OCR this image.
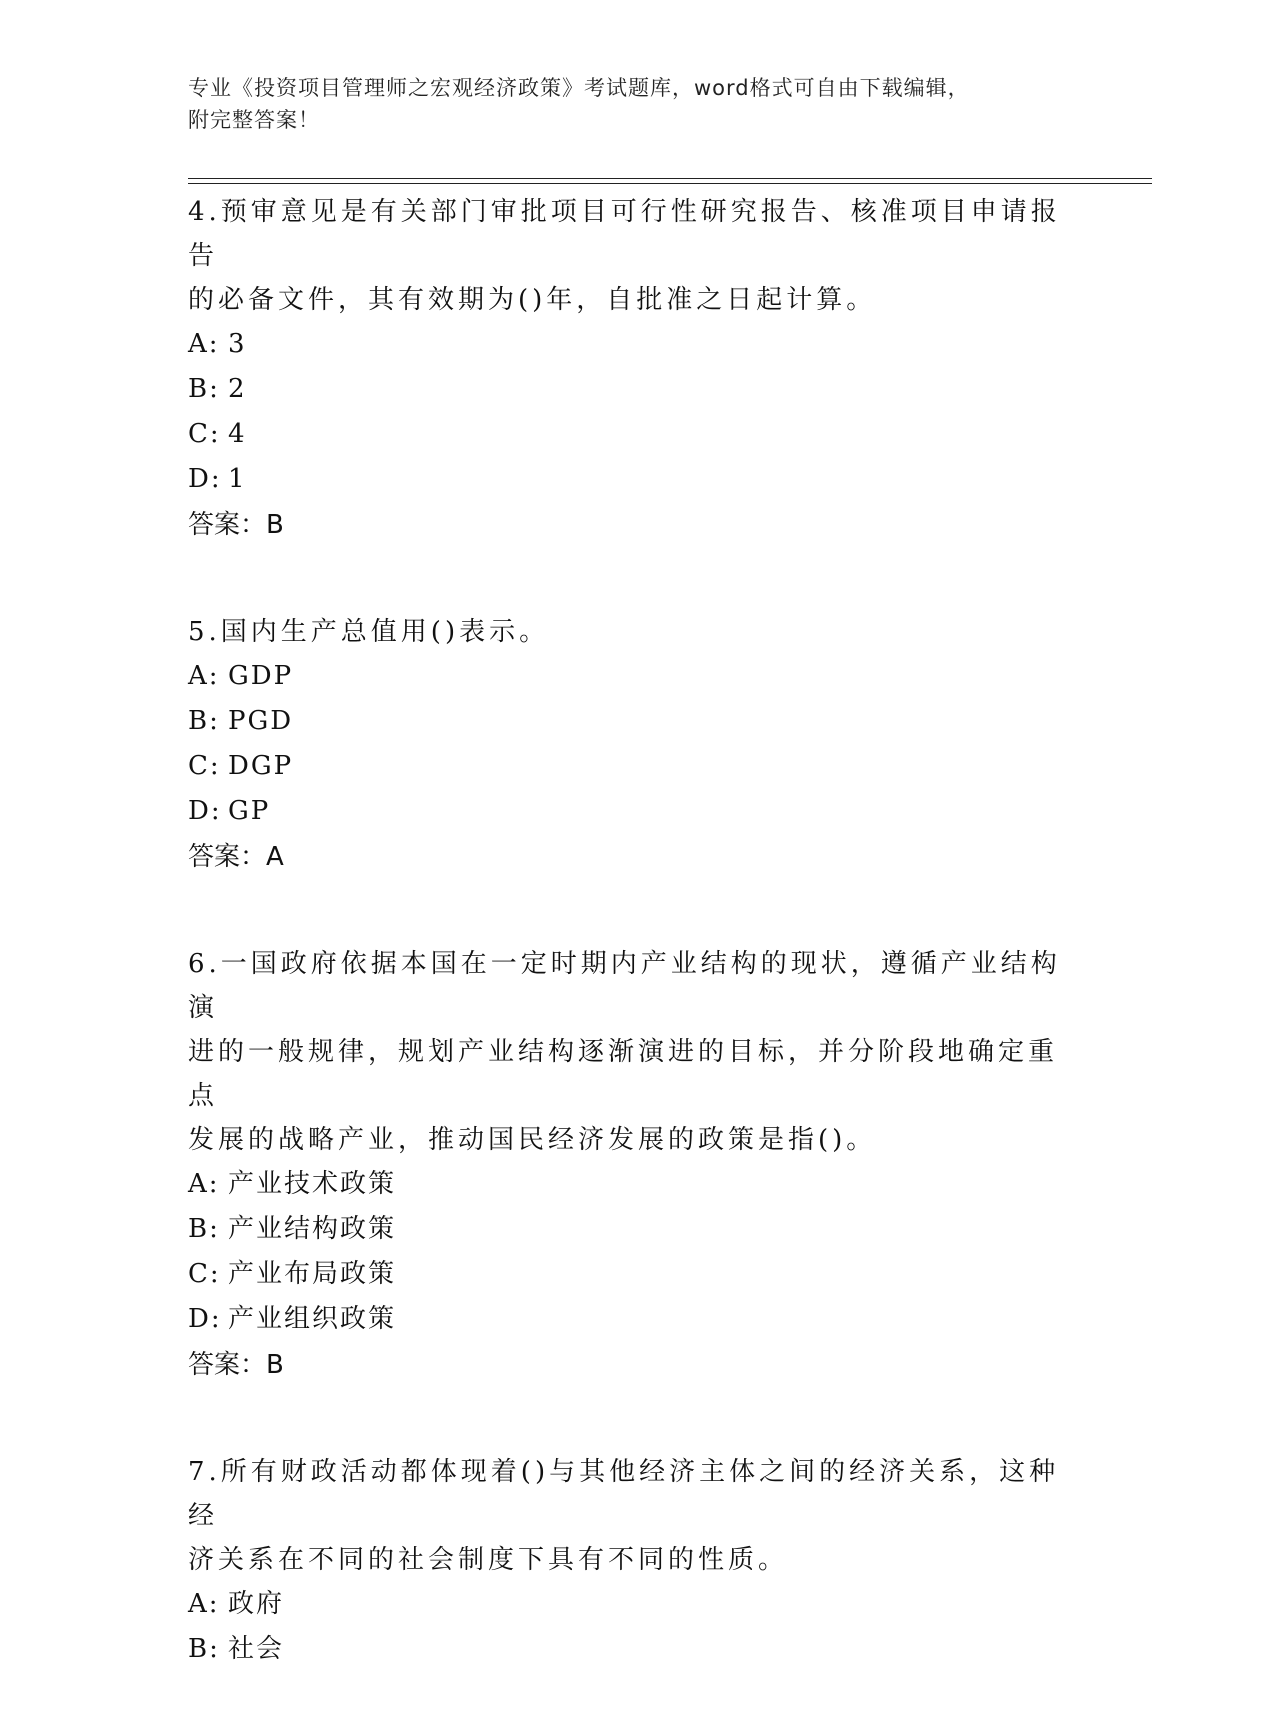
专业《投资项目管理师之宏观经济政策》考试题库，word格式可自由下载编辑，
附完整答案！

4.预审意见是有关部门审批项目可行性研究报告、核准项目申请报告

的必备文件，其有效期为()年，自批准之日起计算。

A: 3

B: 2

C: 4

D: 1

答案：B

5.国内生产总值用()表示。

A: GDP

B: PGD

C: DGP

D: GP

答案：A

6.一国政府依据本国在一定时期内产业结构的现状，遵循产业结构演

进的一般规律，规划产业结构逐渐演进的目标，并分阶段地确定重点

发展的战略产业，推动国民经济发展的政策是指()。

A: 产业技术政策

B: 产业结构政策

C: 产业布局政策

D: 产业组织政策

答案：B

7.所有财政活动都体现着()与其他经济主体之间的经济关系，这种经

济关系在不同的社会制度下具有不同的性质。

A: 政府

B: 社会
